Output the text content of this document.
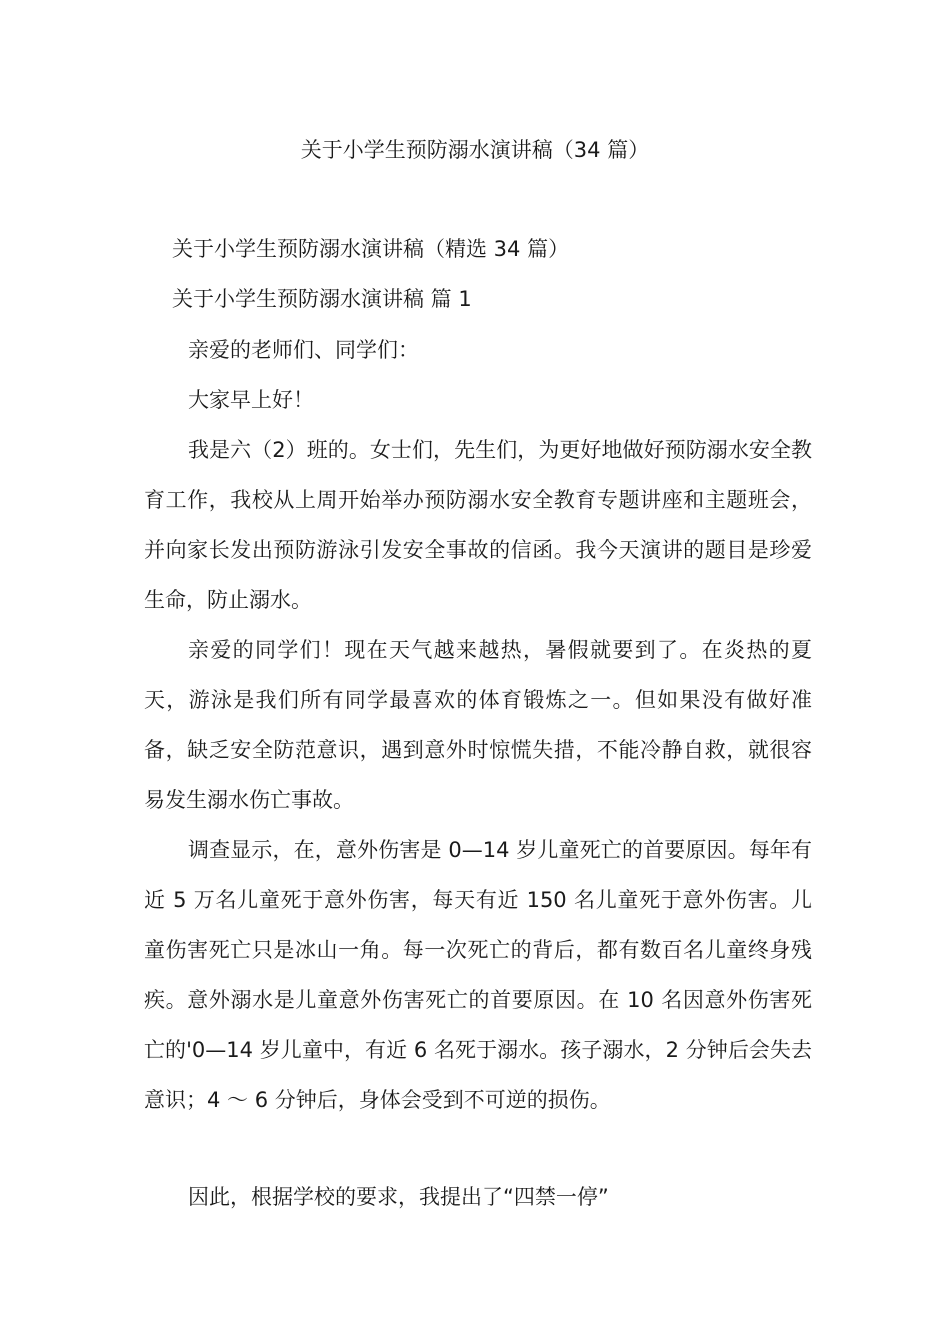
关于小学生预防溺水演讲稿（34 篇）

关于小学生预防溺水演讲稿（精选 34 篇）

关于小学生预防溺水演讲稿 篇 1

亲爱的老师们、同学们：

大家早上好！

我是六（2）班的。女士们，先生们，为更好地做好预防溺水安全教育工作，我校从上周开始举办预防溺水安全教育专题讲座和主题班会，并向家长发出预防游泳引发安全事故的信函。我今天演讲的题目是珍爱生命，防止溺水。

亲爱的同学们！现在天气越来越热，暑假就要到了。在炎热的夏天，游泳是我们所有同学最喜欢的体育锻炼之一。但如果没有做好准备，缺乏安全防范意识，遇到意外时惊慌失措，不能冷静自救，就很容易发生溺水伤亡事故。

调查显示，在，意外伤害是 0—14 岁儿童死亡的首要原因。每年有近 5 万名儿童死于意外伤害，每天有近 150 名儿童死于意外伤害。儿童伤害死亡只是冰山一角。每一次死亡的背后，都有数百名儿童终身残疾。意外溺水是儿童意外伤害死亡的首要原因。在 10 名因意外伤害死亡的'0—14 岁儿童中，有近 6 名死于溺水。孩子溺水，2 分钟后会失去意识；4 ～ 6 分钟后，身体会受到不可逆的损伤。

因此，根据学校的要求，我提出了“四禁一停”
